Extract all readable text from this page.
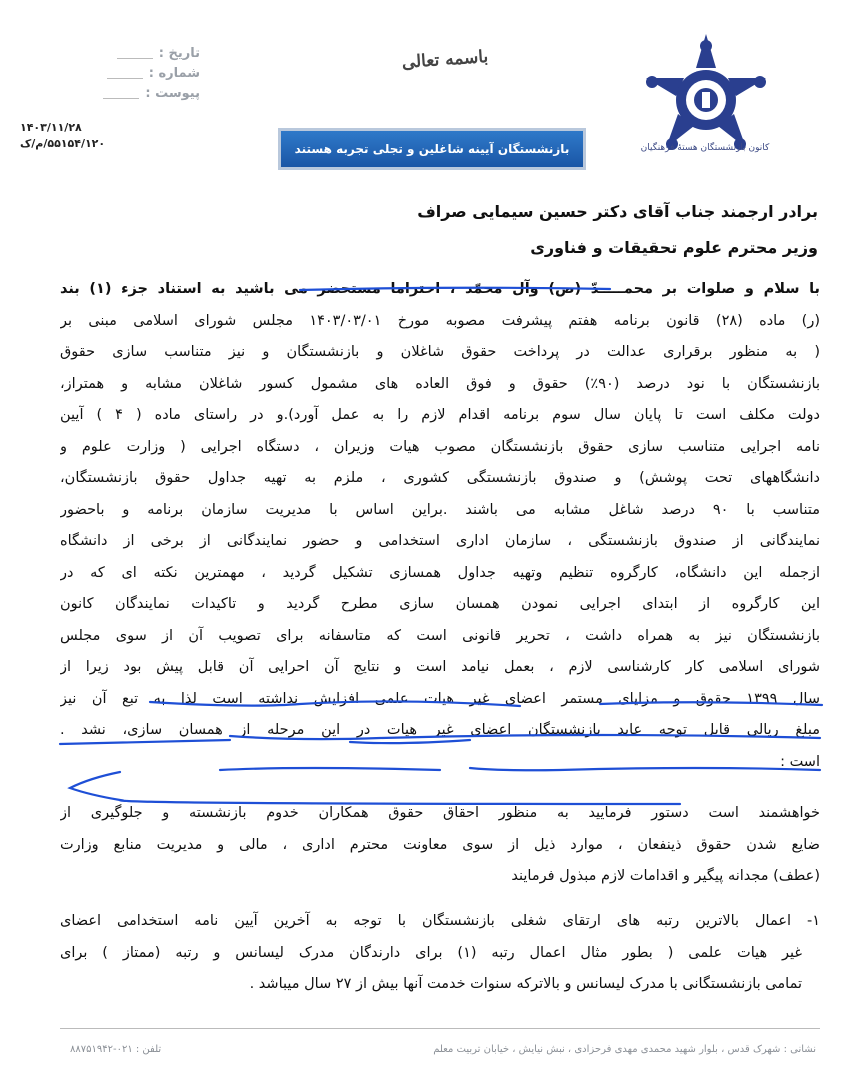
کانون بازنشستگان هستۀ فرهنگیان
باسمه تعالی
تاریخ :
شماره :
پیوست :
۱۴۰۳/۱۱/۲۸
۵۵۱۵۴/۱۲۰/م/ک	بازنشستگان آیینه شاغلین و تجلی تجربه هستند
برادر ارجمند جناب آقای دکتر حسین سیمایی صراف
وزیر محترم علوم تحقیقات و فناوری
با سلام و صلوات بر محمـــــدّ (ص) وآل محمّد ، احتراما مستحضر می باشید به استناد جزء (۱) بند
(ر) ماده (۲۸) قانون برنامه هفتم پیشرفت مصوبه مورخ ۱۴۰۳/۰۳/۰۱ مجلس شورای اسلامی مبنی بر
( به منظور برقراری عدالت در پرداخت حقوق شاغلان و بازنشستگان و نیز متناسب سازی حقوق
بازنشستگان با نود درصد (۹۰٪) حقوق و فوق العاده های مشمول کسور شاغلان مشابه و همتراز،
دولت مکلف است تا پایان سال سوم برنامه اقدام لازم را به عمل آورد).و در راستای ماده ( ۴ ) آیین
نامه اجرایی متناسب سازی حقوق بازنشستگان مصوب هیات وزیران ، دستگاه اجرایی ( وزارت علوم و
دانشگاههای تحت پوشش) و صندوق بازنشستگی کشوری ، ملزم به تهیه جداول حقوق بازنشستگان،
متناسب با ۹۰ درصد شاغل مشابه می باشند .براین اساس با مدیریت سازمان برنامه و باحضور
نمایندگانی از صندوق بازنشستگی ، سازمان اداری استخدامی و حضور نمایندگانی از برخی از دانشگاه
ازجمله این دانشگاه، کارگروه تنظیم وتهیه جداول همسازی تشکیل گردید ، مهمترین نکته ای که در
این کارگروه از ابتدای اجرایی نمودن همسان سازی مطرح گردید و تاکیدات نمایندگان کانون
بازنشستگان نیز به همراه داشت ، تحریر قانونی است که متاسفانه برای تصویب آن از سوی مجلس
شورای اسلامی کار کارشناسی لازم ، بعمل نیامد است و نتایج آن احرایی آن قابل پیش بود زیرا از
سال ۱۳۹۹ حقوق و مزایای مستمر اعضای غیر هیات علمی افزایش نداشته است لذا به تبع آن نیز
مبلغ ریالی قابل توجه عاید بازنشستگان اعضای غیر هیات در این مرحله از همسان سازی، نشد .
است :
خواهشمند است دستور فرمایید به منظور احقاق حقوق همکاران خدوم بازنشسته و جلوگیری از
ضایع شدن حقوق ذینفعان ، موارد ذیل از سوی معاونت محترم اداری ، مالی و مدیریت منابع وزارت
(عطف) مجدانه پیگیر و اقدامات لازم مبذول فرمایند
۱- اعمال بالاترین رتبه های ارتقای شغلی بازنشستگان با توجه به آخرین آیین نامه استخدامی اعضای
غیر هیات علمی ( بطور مثال اعمال رتبه (۱) برای دارندگان مدرک لیسانس و رتبه (ممتاز ) برای
تمامی بازنشستگانی با مدرک لیسانس و بالاترکه سنوات خدمت آنها بیش از ۲۷ سال میباشد .
نشانی : شهرک قدس ، بلوار شهید محمدی مهدی فرحزادی ، نبش نیایش ، خیابان تربیت معلم
تلفن : ۰۲۱-۸۸۷۵۱۹۴۲
